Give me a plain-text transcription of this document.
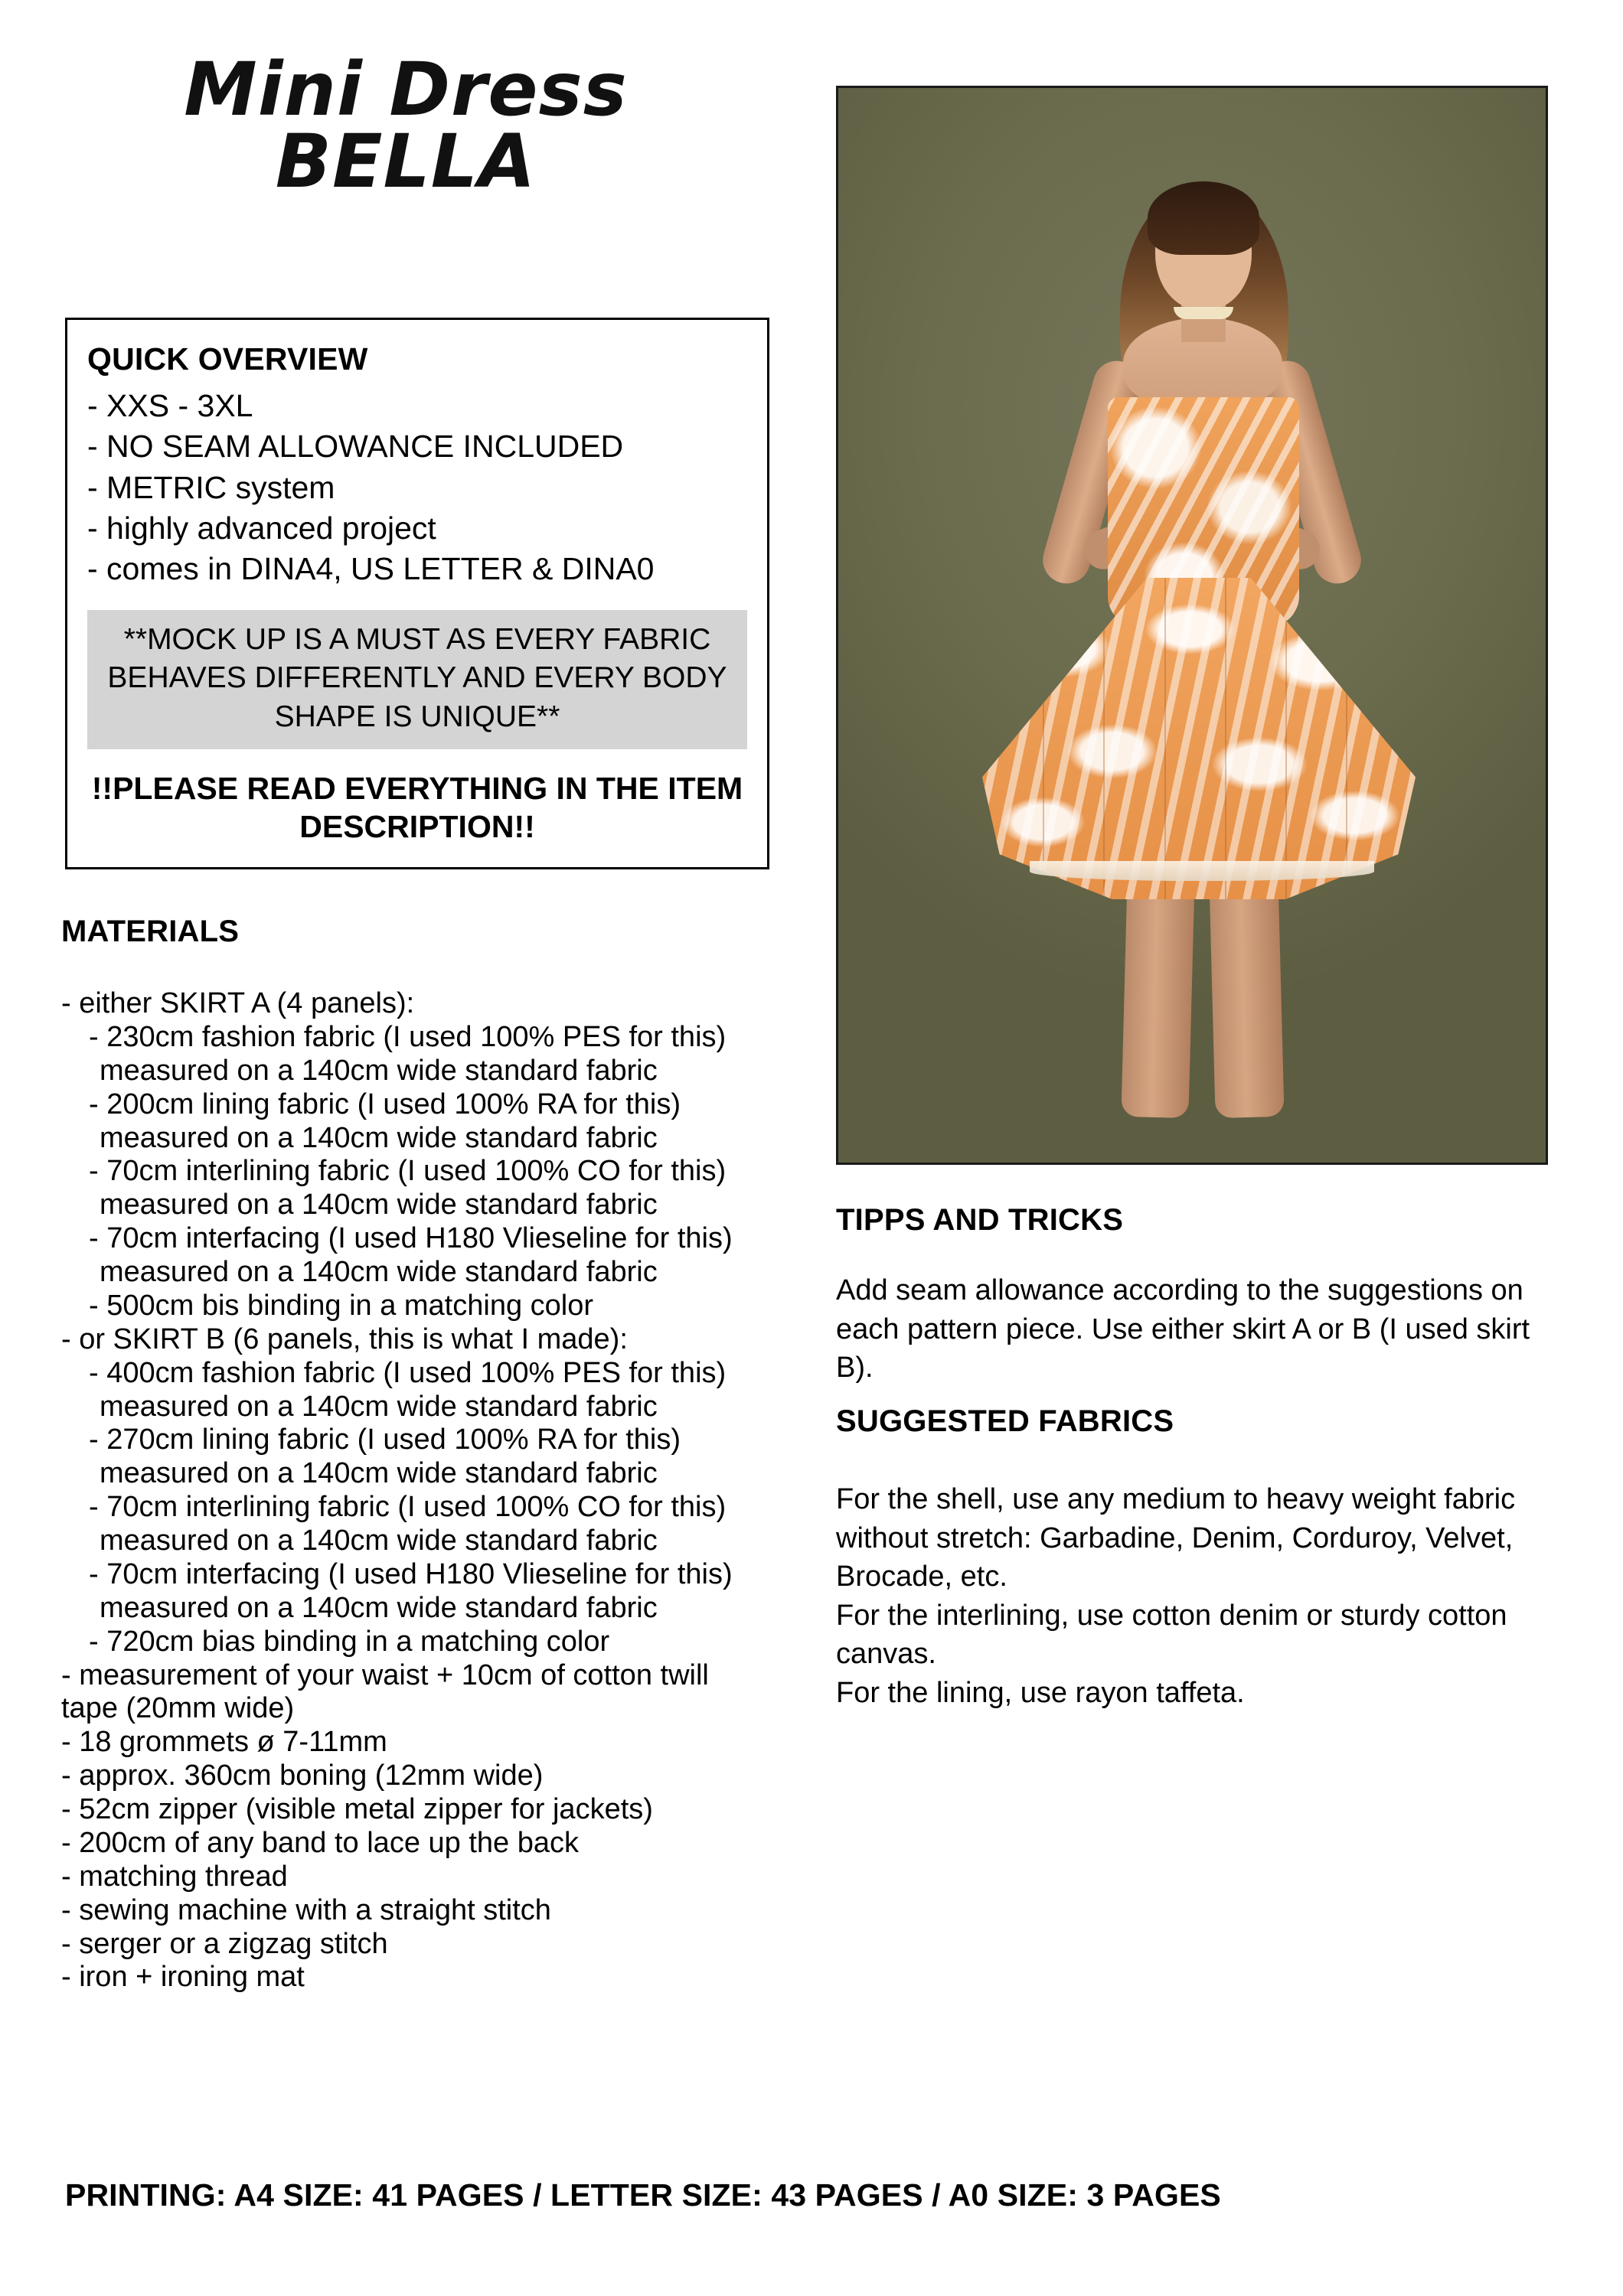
Mini Dress
BELLA
QUICK OVERVIEW
- XXS - 3XL
- NO SEAM ALLOWANCE INCLUDED
- METRIC system
- highly advanced project
- comes in DINA4, US LETTER & DINA0
**MOCK UP IS A MUST AS EVERY FABRIC
BEHAVES DIFFERENTLY AND EVERY BODY
SHAPE IS UNIQUE**
!!PLEASE READ EVERYTHING IN THE ITEM
DESCRIPTION!!
MATERIALS
- either SKIRT A (4 panels):
- 230cm fashion fabric (I used 100% PES for this)
measured on a 140cm wide standard fabric
- 200cm lining fabric (I used 100% RA for this)
measured on a 140cm wide standard fabric
- 70cm interlining fabric (I used 100% CO for this)
measured on a 140cm wide standard fabric
- 70cm interfacing (I used H180 Vlieseline for this)
measured on a 140cm wide standard fabric
- 500cm bis binding in a matching color
- or SKIRT B (6 panels, this is what I made):
- 400cm fashion fabric (I used 100% PES for this)
measured on a 140cm wide standard fabric
- 270cm lining fabric (I used 100% RA for this)
measured on a 140cm wide standard fabric
- 70cm interlining fabric (I used 100% CO for this)
measured on a 140cm wide standard fabric
- 70cm interfacing (I used H180 Vlieseline for this)
measured on a 140cm wide standard fabric
- 720cm bias binding in a matching color
- measurement of your waist + 10cm of cotton twill
tape (20mm wide)
- 18 grommets ø 7-11mm
- approx. 360cm boning (12mm wide)
- 52cm zipper (visible metal zipper for jackets)
- 200cm of any band to lace up the back
- matching thread
- sewing machine with a straight stitch
- serger or a zigzag stitch
- iron + ironing mat
PRINTING: A4 SIZE: 41 PAGES / LETTER SIZE: 43 PAGES / A0 SIZE: 3 PAGES
TIPPS AND TRICKS
Add seam allowance according to the suggestions on each pattern piece. Use either skirt A or B (I used skirt B).
SUGGESTED FABRICS
For the shell, use any medium to heavy weight fabric without stretch: Garbadine, Denim, Corduroy, Velvet, Brocade, etc.
For the interlining, use cotton denim or sturdy cotton canvas.
For the lining, use rayon taffeta.
